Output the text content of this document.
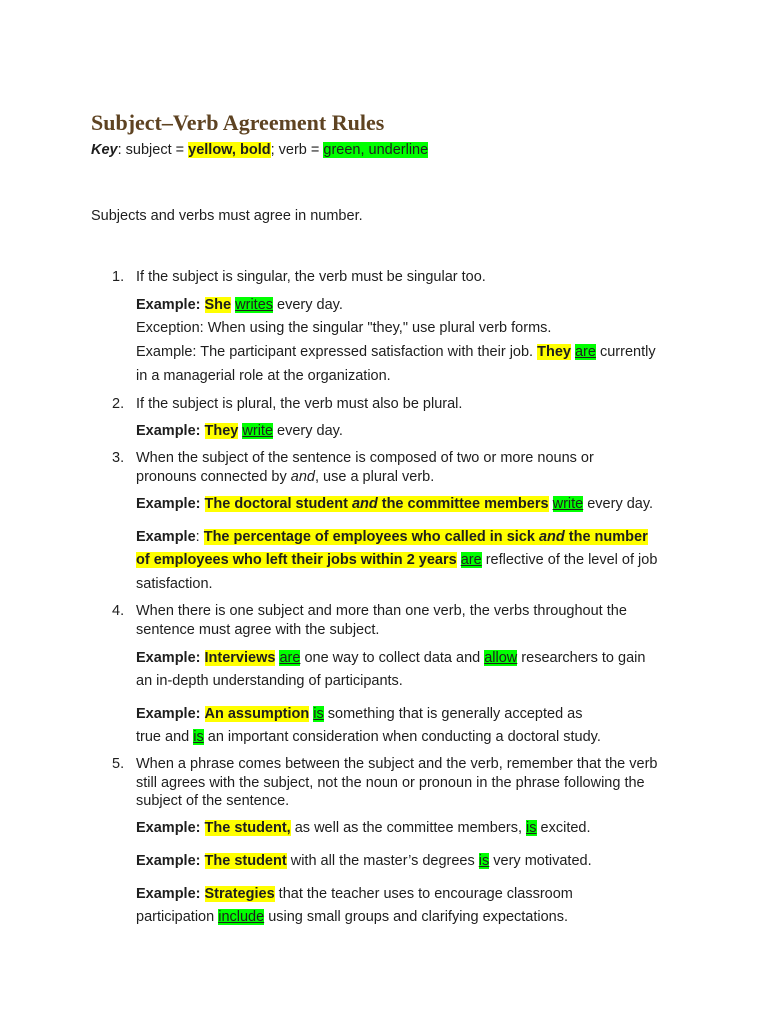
Subject–Verb Agreement Rules
Key: subject = yellow, bold; verb = green, underline
Subjects and verbs must agree in number.
1. If the subject is singular, the verb must be singular too.
Example: She writes every day.
Exception: When using the singular "they," use plural verb forms.
Example: The participant expressed satisfaction with their job. They are currently
in a managerial role at the organization.
2. If the subject is plural, the verb must also be plural.
Example: They write every day.
3. When the subject of the sentence is composed of two or more nouns or
pronouns connected by and, use a plural verb.
Example: The doctoral student and the committee members write every day.
Example: The percentage of employees who called in sick and the number
of employees who left their jobs within 2 years are reflective of the level of job
satisfaction.
4. When there is one subject and more than one verb, the verbs throughout the
sentence must agree with the subject.
Example: Interviews are one way to collect data and allow researchers to gain
an in-depth understanding of participants.
Example: An assumption is something that is generally accepted as
true and is an important consideration when conducting a doctoral study.
5. When a phrase comes between the subject and the verb, remember that the verb
still agrees with the subject, not the noun or pronoun in the phrase following the
subject of the sentence.
Example: The student, as well as the committee members, is excited.
Example: The student with all the master’s degrees is very motivated.
Example: Strategies that the teacher uses to encourage classroom
participation include using small groups and clarifying expectations.
